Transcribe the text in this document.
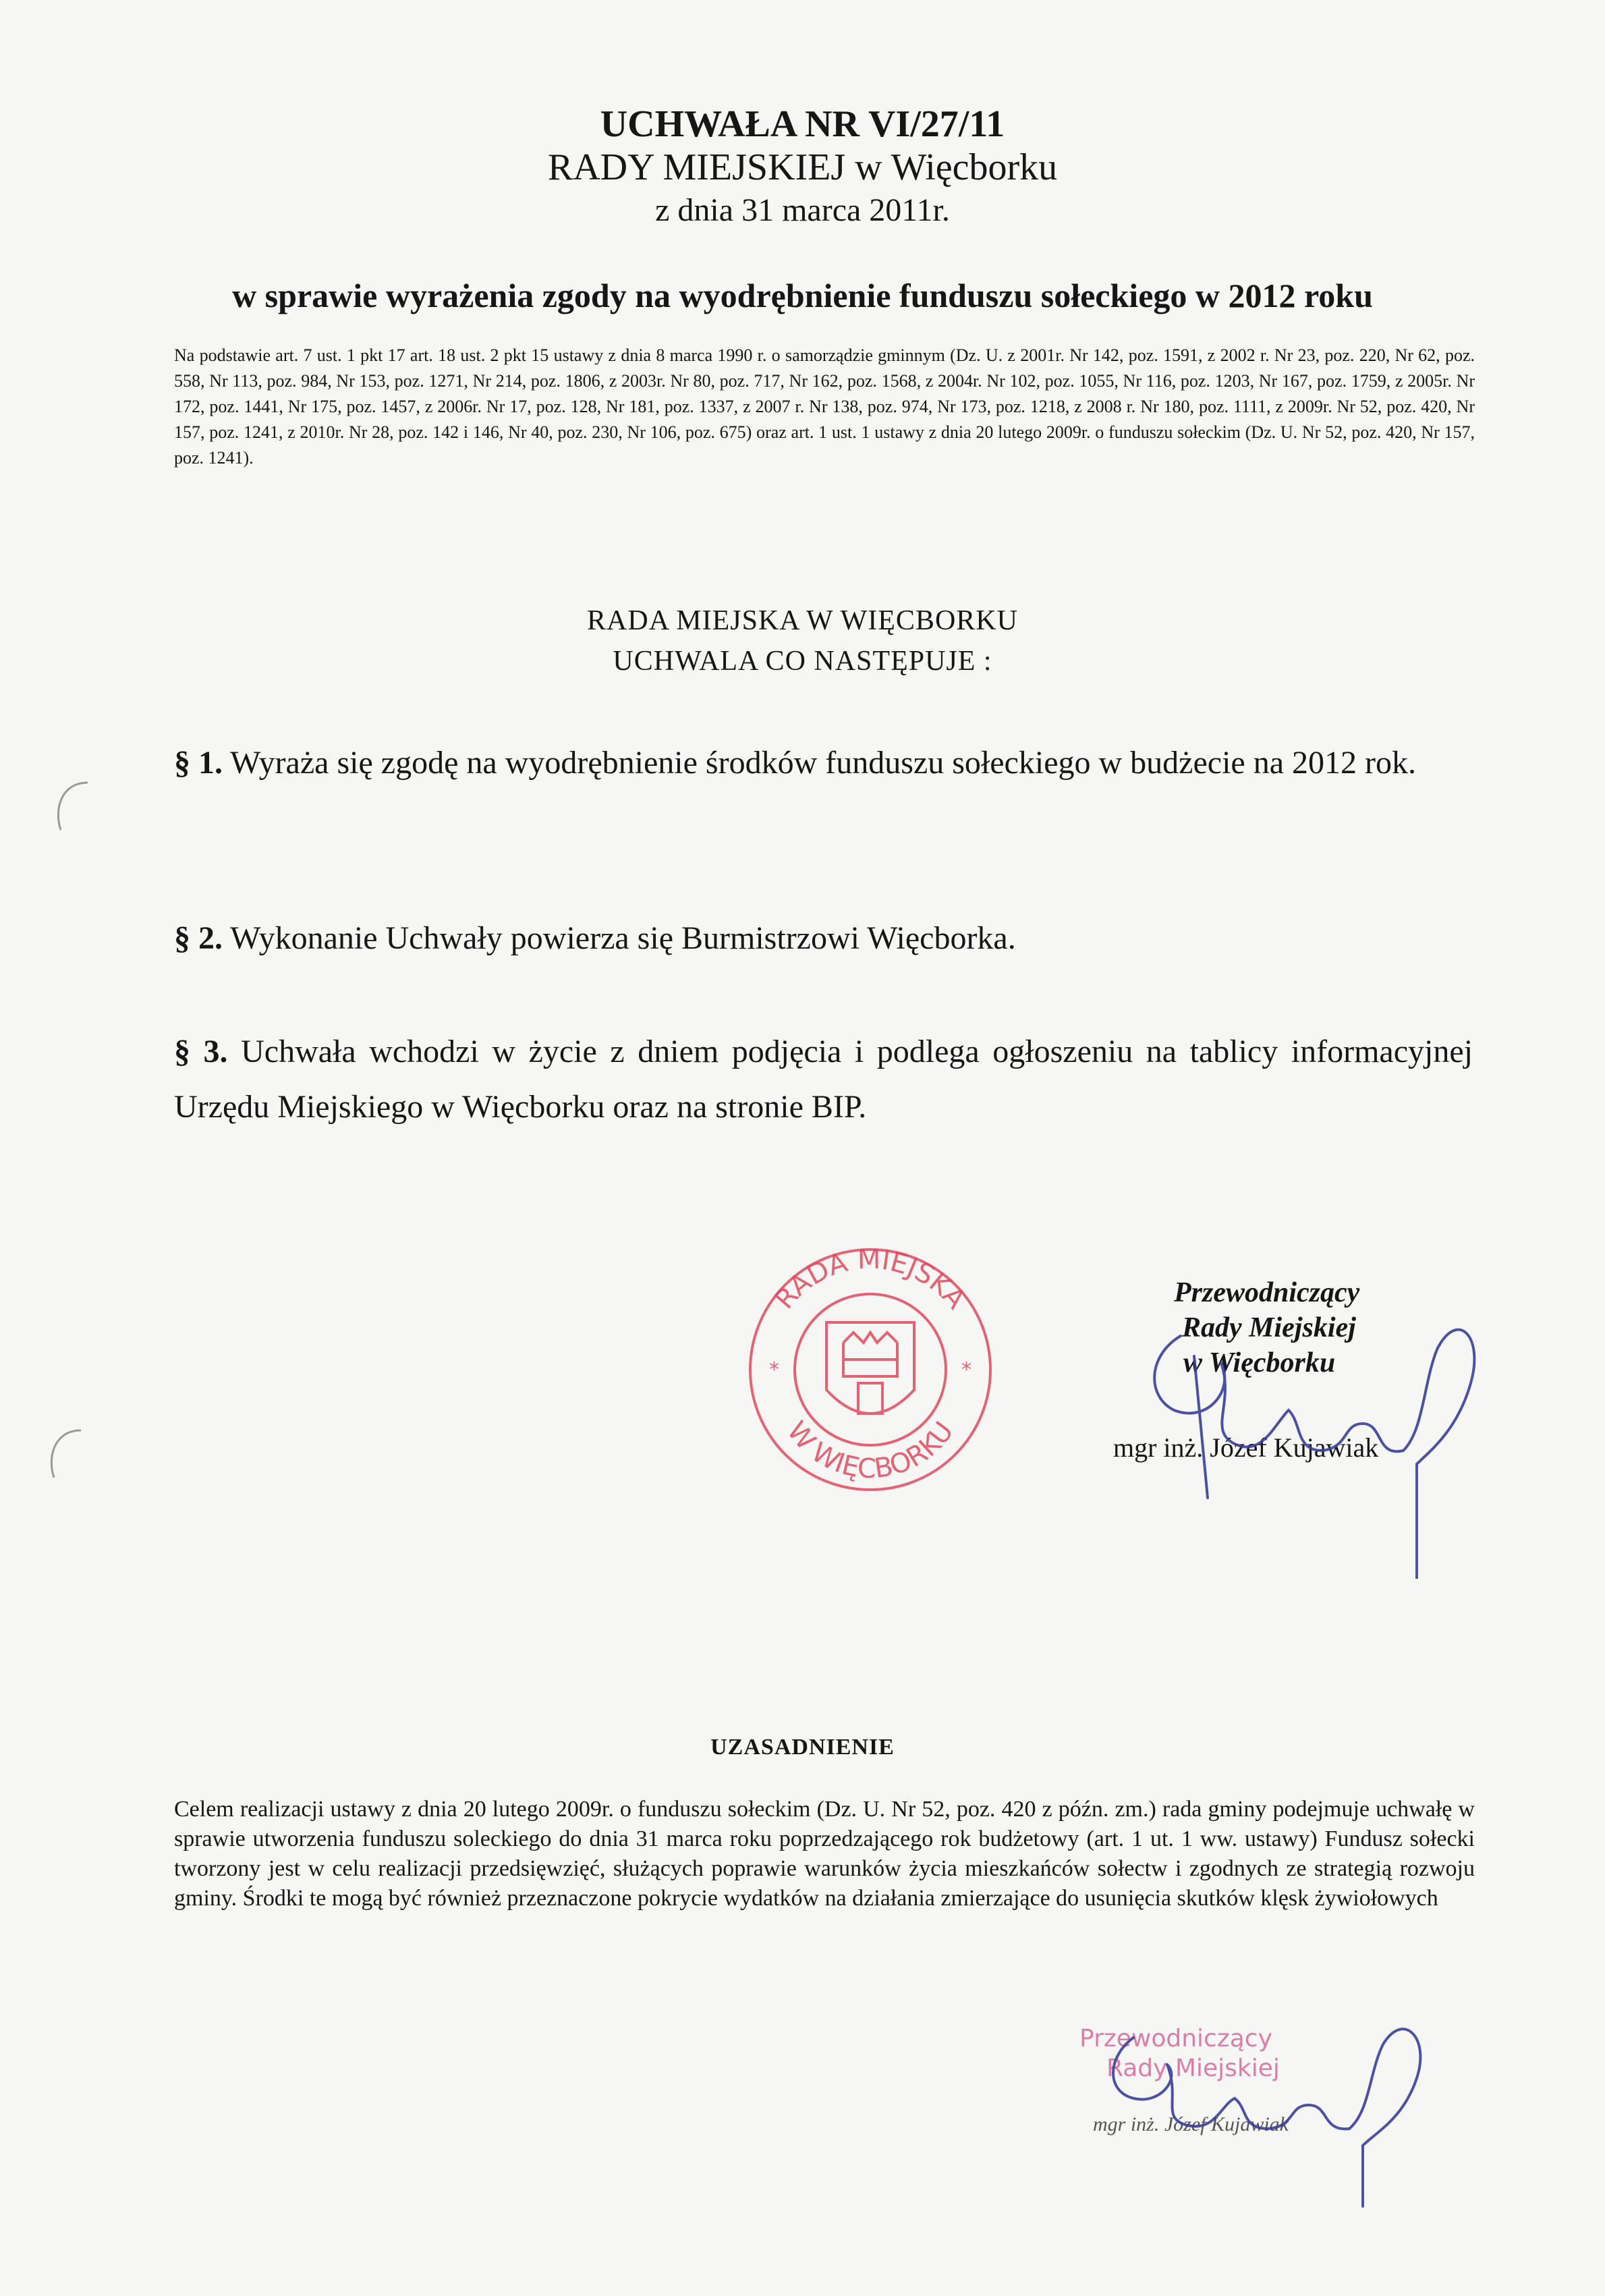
UCHWAŁA NR VI/27/11
RADY MIEJSKIEJ w Więcborku
z dnia 31 marca 2011r.
w sprawie wyrażenia zgody na wyodrębnienie funduszu sołeckiego w 2012 roku
Na podstawie art. 7 ust. 1 pkt 17 art. 18 ust. 2 pkt 15 ustawy z dnia 8 marca 1990 r. o samorządzie gminnym (Dz. U. z 2001r. Nr 142, poz. 1591, z 2002 r. Nr 23, poz. 220, Nr 62, poz. 558, Nr 113, poz. 984, Nr 153, poz. 1271, Nr 214, poz. 1806, z 2003r. Nr 80, poz. 717, Nr 162, poz. 1568, z 2004r. Nr 102, poz. 1055, Nr 116, poz. 1203, Nr 167, poz. 1759, z 2005r. Nr 172, poz. 1441, Nr 175, poz. 1457, z 2006r. Nr 17, poz. 128, Nr 181, poz. 1337, z 2007 r. Nr 138, poz. 974, Nr 173, poz. 1218, z 2008 r. Nr 180, poz. 1111, z 2009r. Nr 52, poz. 420, Nr 157, poz. 1241, z 2010r. Nr 28, poz. 142 i 146, Nr 40, poz. 230, Nr 106, poz. 675) oraz art. 1 ust. 1 ustawy z dnia 20 lutego 2009r. o funduszu sołeckim (Dz. U. Nr 52, poz. 420, Nr 157, poz. 1241).
RADA MIEJSKA W WIĘCBORKU
UCHWALA CO NASTĘPUJE :
§ 1. Wyraża się zgodę na wyodrębnienie środków funduszu sołeckiego w budżecie na 2012 rok.
§ 2. Wykonanie Uchwały powierza się Burmistrzowi Więcborka.
§ 3. Uchwała wchodzi w życie z dniem podjęcia i podlega ogłoszeniu na tablicy informacyjnej Urzędu Miejskiego w Więcborku oraz na stronie BIP.
RADA MIEJSKA
W WIĘCBORKU
*	*
Przewodniczący
Rady Miejskiej
w Więcborku
mgr inż. Józef Kujawiak
UZASADNIENIE
Celem realizacji ustawy z dnia 20 lutego 2009r. o funduszu sołeckim (Dz. U. Nr 52, poz. 420 z późn. zm.) rada gminy podejmuje uchwałę w sprawie utworzenia funduszu soleckiego do dnia 31 marca roku poprzedzającego rok budżetowy (art. 1 ut. 1 ww. ustawy) Fundusz sołecki tworzony jest w celu realizacji przedsięwzięć, służących poprawie warunków życia mieszkańców sołectw i zgodnych ze strategią rozwoju gminy. Środki te mogą być również przeznaczone pokrycie wydatków na działania zmierzające do usunięcia skutków klęsk żywiołowych
Przewodniczący
Rady Miejskiej
mgr inż. Józef Kujawiak
